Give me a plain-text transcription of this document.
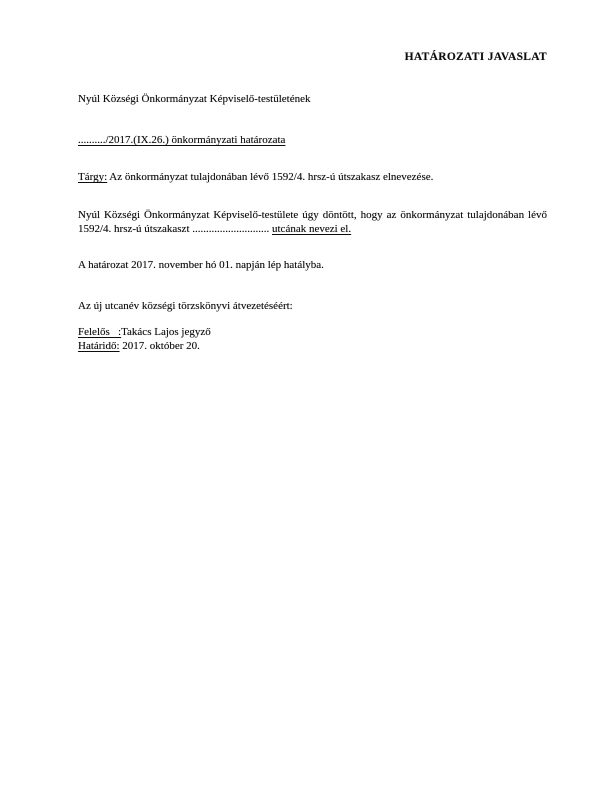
HATÁROZATI JAVASLAT

Nyúl Községi Önkormányzat Képviselő-testületének

........../2017.(IX.26.) önkormányzati határozata

Tárgy: Az önkormányzat tulajdonában lévő 1592/4. hrsz-ú útszakasz elnevezése.

Nyúl Községi Önkormányzat Képviselő-testülete úgy döntött, hogy az önkormányzat tulajdonában lévő 1592/4. hrsz-ú útszakaszt ............................ utcának nevezi el.

A határozat 2017. november hó 01. napján lép hatályba.

Az új utcanév községi törzskönyvi átvezetéséért:

Felelős   :Takács Lajos jegyző

Határidő: 2017. október 20.
